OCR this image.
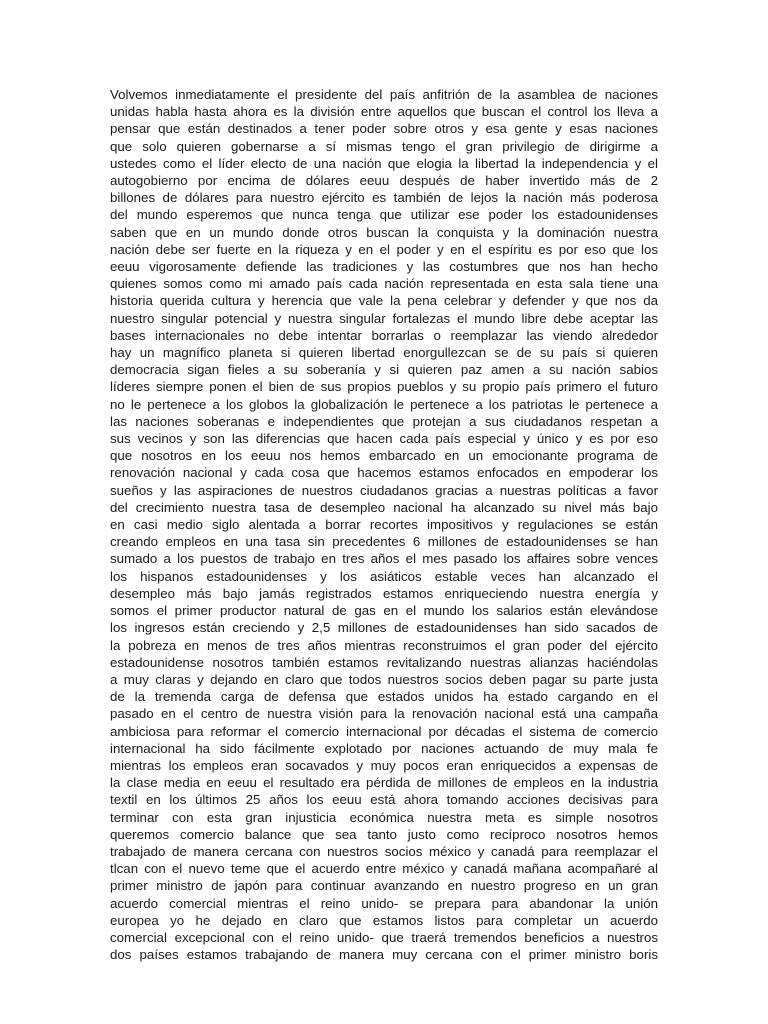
Volvemos inmediatamente el presidente del país anfitrión de la asamblea de naciones
unidas habla hasta ahora es la división entre aquellos que buscan el control los lleva a
pensar que están destinados a tener poder sobre otros y esa gente y esas naciones
que solo quieren gobernarse a sí mismas tengo el gran privilegio de dirigirme a
ustedes como el líder electo de una nación que elogia la libertad la independencia y el
autogobierno por encima de dólares eeuu después de haber invertido más de 2
billones de dólares para nuestro ejército es también de lejos la nación más poderosa
del mundo esperemos que nunca tenga que utilizar ese poder los estadounidenses
saben que en un mundo donde otros buscan la conquista y la dominación nuestra
nación debe ser fuerte en la riqueza y en el poder y en el espíritu es por eso que los
eeuu vigorosamente defiende las tradiciones y las costumbres que nos han hecho
quienes somos como mi amado país cada nación representada en esta sala tiene una
historia querida cultura y herencia que vale la pena celebrar y defender y que nos da
nuestro singular potencial y nuestra singular fortalezas el mundo libre debe aceptar las
bases internacionales no debe intentar borrarlas o reemplazar las viendo alrededor
hay un magnífico planeta si quieren libertad enorgullezcan se de su país si quieren
democracia sigan fieles a su soberanía y si quieren paz amen a su nación sabios
líderes siempre ponen el bien de sus propios pueblos y su propio país primero el futuro
no le pertenece a los globos la globalización le pertenece a los patriotas le pertenece a
las naciones soberanas e independientes que protejan a sus ciudadanos respetan a
sus vecinos y son las diferencias que hacen cada país especial y único y es por eso
que nosotros en los eeuu nos hemos embarcado en un emocionante programa de
renovación nacional y cada cosa que hacemos estamos enfocados en empoderar los
sueños y las aspiraciones de nuestros ciudadanos gracias a nuestras políticas a favor
del crecimiento nuestra tasa de desempleo nacional ha alcanzado su nivel más bajo
en casi medio siglo alentada a borrar recortes impositivos y regulaciones se están
creando empleos en una tasa sin precedentes 6 millones de estadounidenses se han
sumado a los puestos de trabajo en tres años el mes pasado los affaires sobre vences
los hispanos estadounidenses y los asiáticos estable veces han alcanzado el
desempleo más bajo jamás registrados estamos enriqueciendo nuestra energía y
somos el primer productor natural de gas en el mundo los salarios están elevándose
los ingresos están creciendo y 2,5 millones de estadounidenses han sido sacados de
la pobreza en menos de tres años mientras reconstruimos el gran poder del ejército
estadounidense nosotros también estamos revitalizando nuestras alianzas haciéndolas
a muy claras y dejando en claro que todos nuestros socios deben pagar su parte justa
de la tremenda carga de defensa que estados unidos ha estado cargando en el
pasado en el centro de nuestra visión para la renovación nacional está una campaña
ambiciosa para reformar el comercio internacional por décadas el sistema de comercio
internacional ha sido fácilmente explotado por naciones actuando de muy mala fe
mientras los empleos eran socavados y muy pocos eran enriquecidos a expensas de
la clase media en eeuu el resultado era pérdida de millones de empleos en la industria
textil en los últimos 25 años los eeuu está ahora tomando acciones decisivas para
terminar con esta gran injusticia económica nuestra meta es simple nosotros
queremos comercio balance que sea tanto justo como recíproco nosotros hemos
trabajado de manera cercana con nuestros socios méxico y canadá para reemplazar el
tlcan con el nuevo teme que el acuerdo entre méxico y canadá mañana acompañaré al
primer ministro de japón para continuar avanzando en nuestro progreso en un gran
acuerdo comercial mientras el reino unido- se prepara para abandonar la unión
europea yo he dejado en claro que estamos listos para completar un acuerdo
comercial excepcional con el reino unido- que traerá tremendos beneficios a nuestros
dos países estamos trabajando de manera muy cercana con el primer ministro boris
